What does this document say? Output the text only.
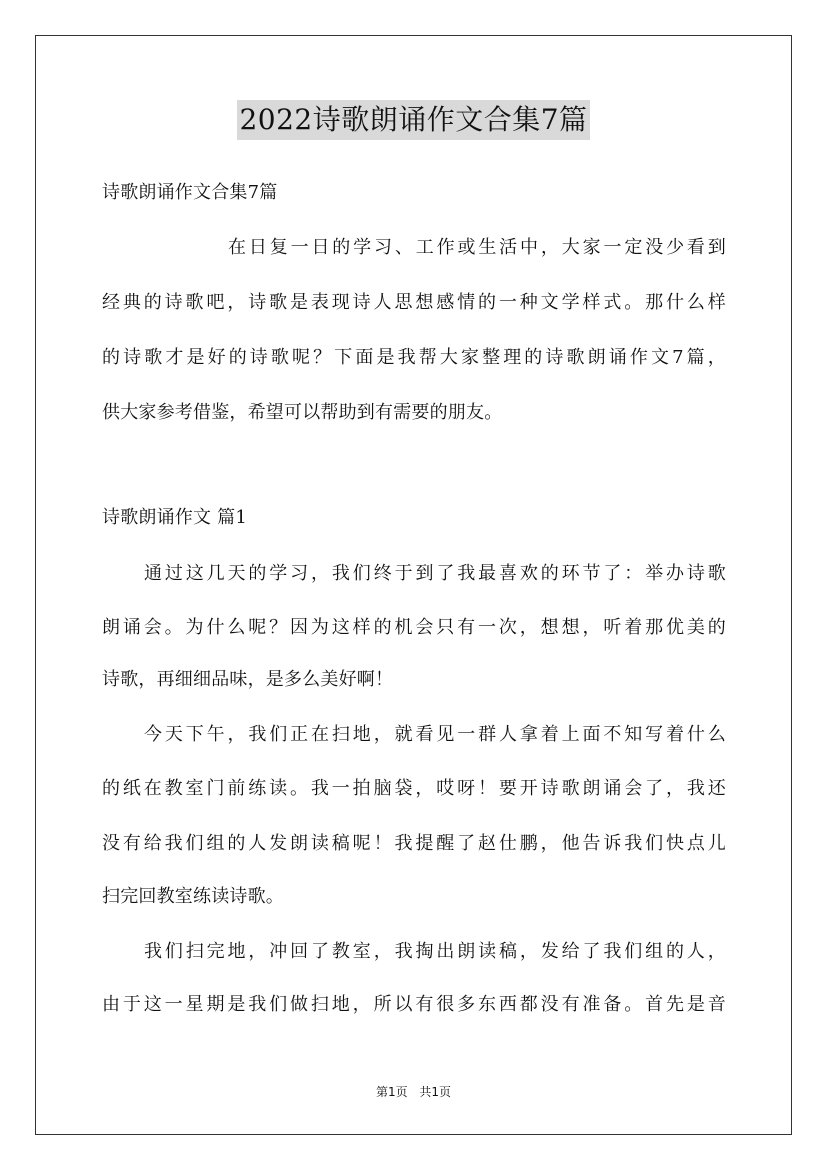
2022诗歌朗诵作文合集7篇
诗歌朗诵作文合集7篇
在日复一日的学习、工作或生活中，大家一定没少看到
经典的诗歌吧，诗歌是表现诗人思想感情的一种文学样式。那什么样
的诗歌才是好的诗歌呢？下面是我帮大家整理的诗歌朗诵作文7篇，
供大家参考借鉴，希望可以帮助到有需要的朋友。
诗歌朗诵作文 篇1
通过这几天的学习，我们终于到了我最喜欢的环节了：举办诗歌
朗诵会。为什么呢？因为这样的机会只有一次，想想，听着那优美的
诗歌，再细细品味，是多么美好啊！
今天下午，我们正在扫地，就看见一群人拿着上面不知写着什么
的纸在教室门前练读。我一拍脑袋，哎呀！要开诗歌朗诵会了，我还
没有给我们组的人发朗读稿呢！我提醒了赵仕鹏，他告诉我们快点儿
扫完回教室练读诗歌。
我们扫完地，冲回了教室，我掏出朗读稿，发给了我们组的人，
由于这一星期是我们做扫地，所以有很多东西都没有准备。首先是音
第1页 共1页
